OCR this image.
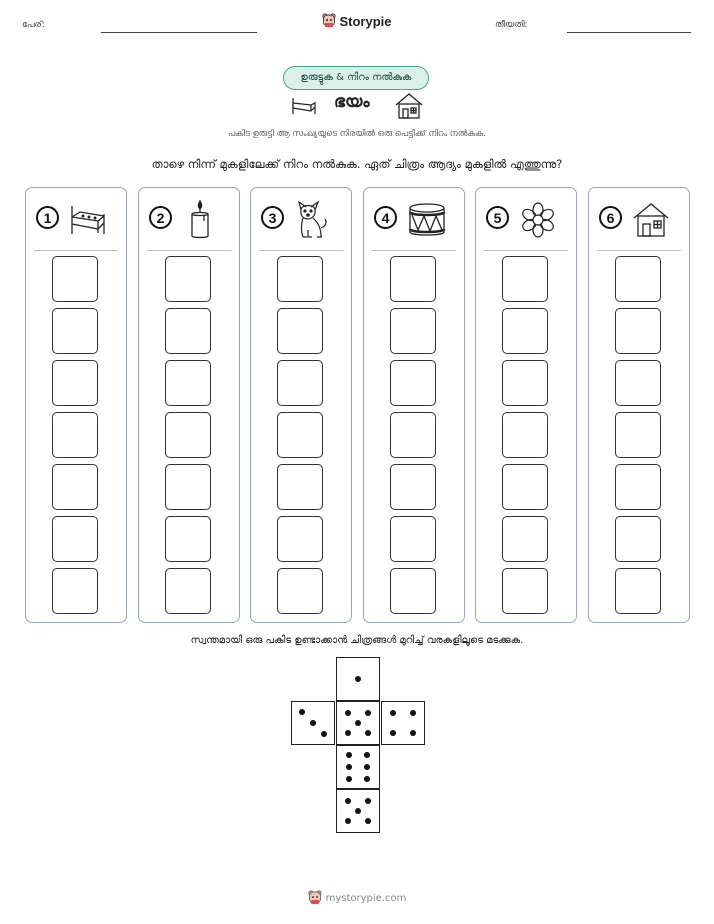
പേര്:	Storypie	തീയതി:
ഉരുട്ടുക & നിറം നൽകുക
ഭയം
പകിട ഉരുട്ടി ആ സംഖ്യയുടെ നിരയിൽ ഒരു പെട്ടിക്ക് നിറം നൽകുക.
താഴെ നിന്ന് മുകളിലേക്ക് നിറം നൽകുക. ഏത് ചിത്രം ആദ്യം മുകളിൽ എത്തുന്നു?
1	2	3	4	5	6
സ്വന്തമായി ഒരു പകിട ഉണ്ടാക്കാൻ ചിത്രങ്ങൾ മുറിച്ച് വരകളിലൂടെ മടക്കുക.
mystorypie.com
